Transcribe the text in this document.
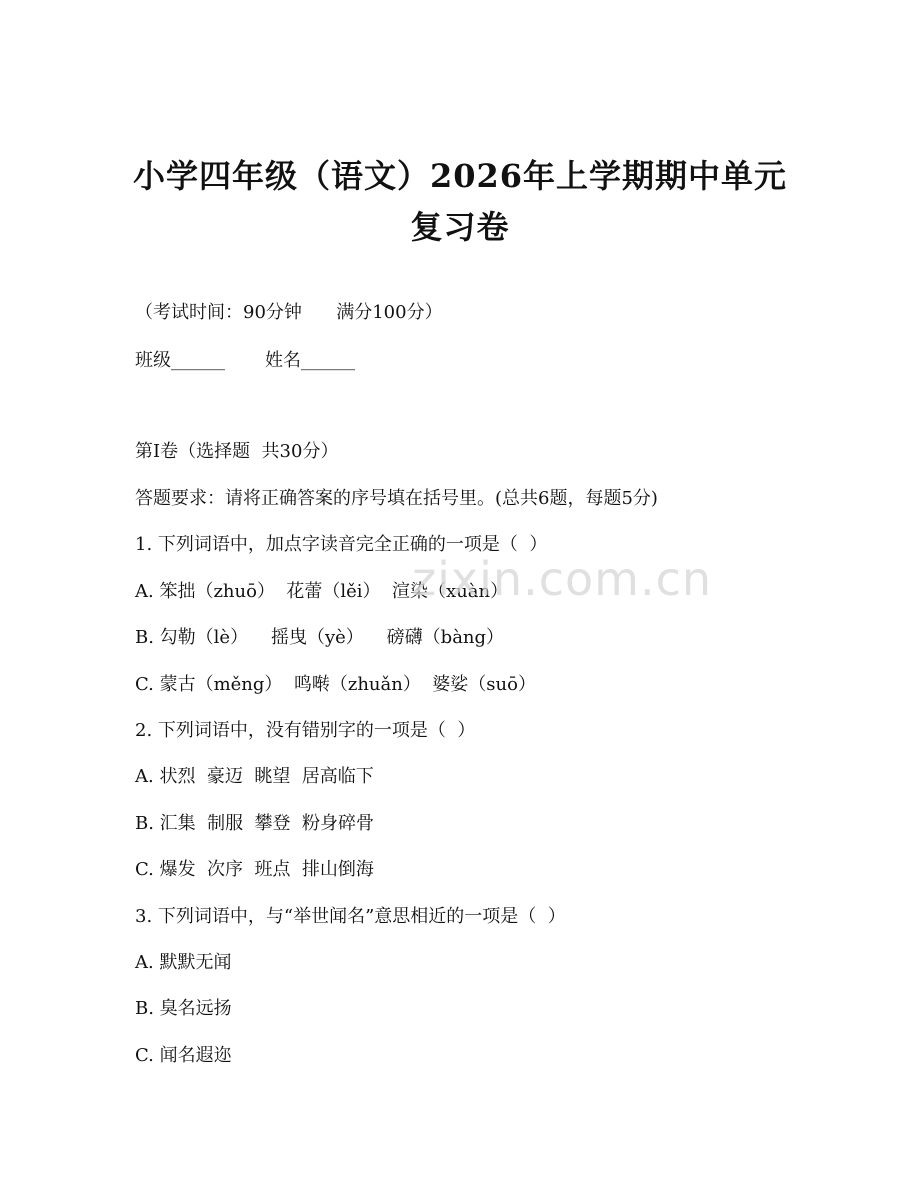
小学四年级（语文）2026年上学期期中单元
复习卷
（考试时间：90分钟      满分100分）
班级______       姓名______
第Ⅰ卷（选择题  共30分）
答题要求：请将正确答案的序号填在括号里。(总共6题，每题5分)
1. 下列词语中，加点字读音完全正确的一项是（  ）
A. 笨拙（zhuō）  花蕾（lěi）  渲染（xuàn）
B. 勾勒（lè）    摇曳（yè）    磅礴（bàng）
C. 蒙古（měng）  鸣啭（zhuǎn）  婆娑（suō）
2. 下列词语中，没有错别字的一项是（  ）
A. 状烈  豪迈  眺望  居高临下
B. 汇集  制服  攀登  粉身碎骨
C. 爆发  次序  班点  排山倒海
3. 下列词语中，与“举世闻名”意思相近的一项是（  ）
A. 默默无闻
B. 臭名远扬
C. 闻名遐迩
zixin.com.cn
